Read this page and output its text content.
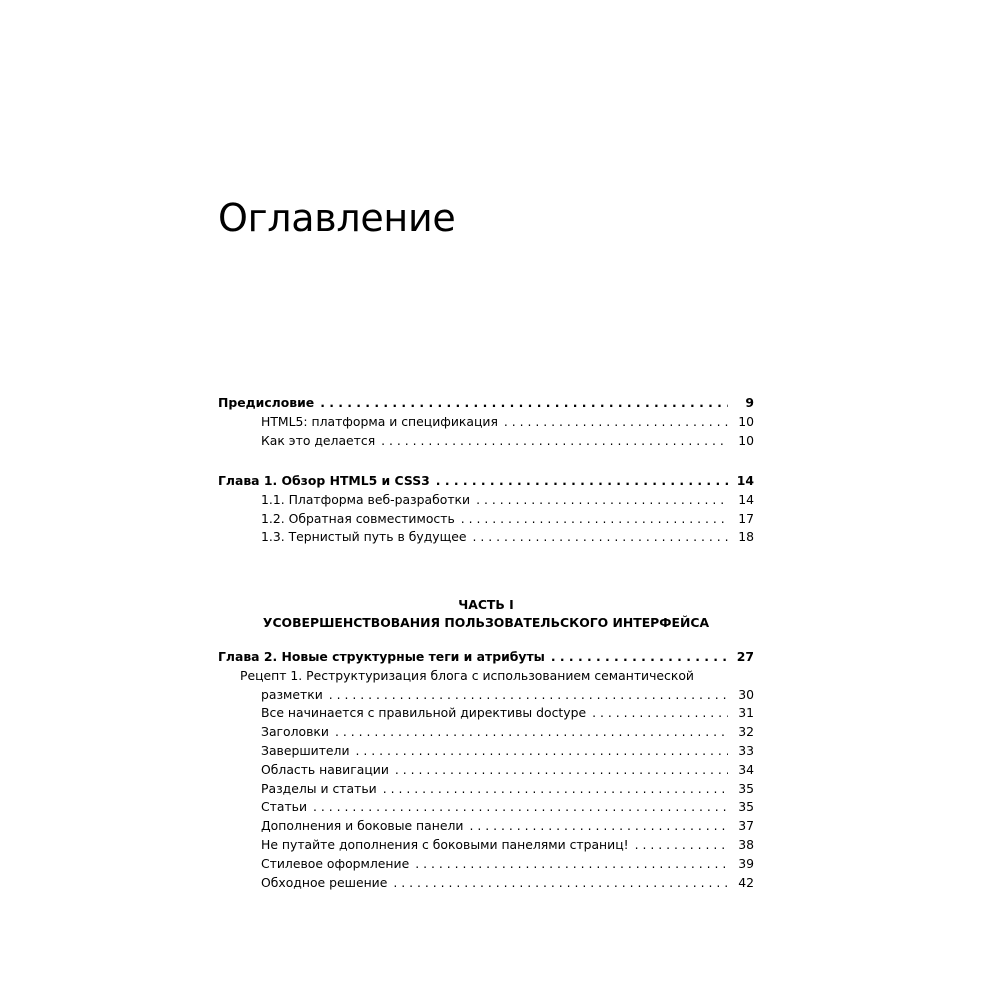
Оглавление
Предисловие . . .	9
HTML5: платформа и спецификация . . .	10
Как это делается . . .	10
Глава 1. Обзор HTML5 и CSS3 . . .	14
1.1. Платформа веб-разработки . . .	14
1.2. Обратная совместимость . . .	17
1.3. Тернистый путь в будущее . . .	18
ЧАСТЬ I
УСОВЕРШЕНСТВОВАНИЯ ПОЛЬЗОВАТЕЛЬСКОГО ИНТЕРФЕЙСА
Глава 2. Новые структурные теги и атрибуты . . .	27
Рецепт 1. Реструктуризация блога с использованием семантической
разметки . . .	30
Все начинается с правильной директивы doctype . . .	31
Заголовки . . .	32
Завершители . . .	33
Область навигации . . .	34
Разделы и статьи . . .	35
Статьи . . .	35
Дополнения и боковые панели . . .	37
Не путайте дополнения с боковыми панелями страниц! . . .	38
Стилевое оформление . . .	39
Обходное решение . . .	42
